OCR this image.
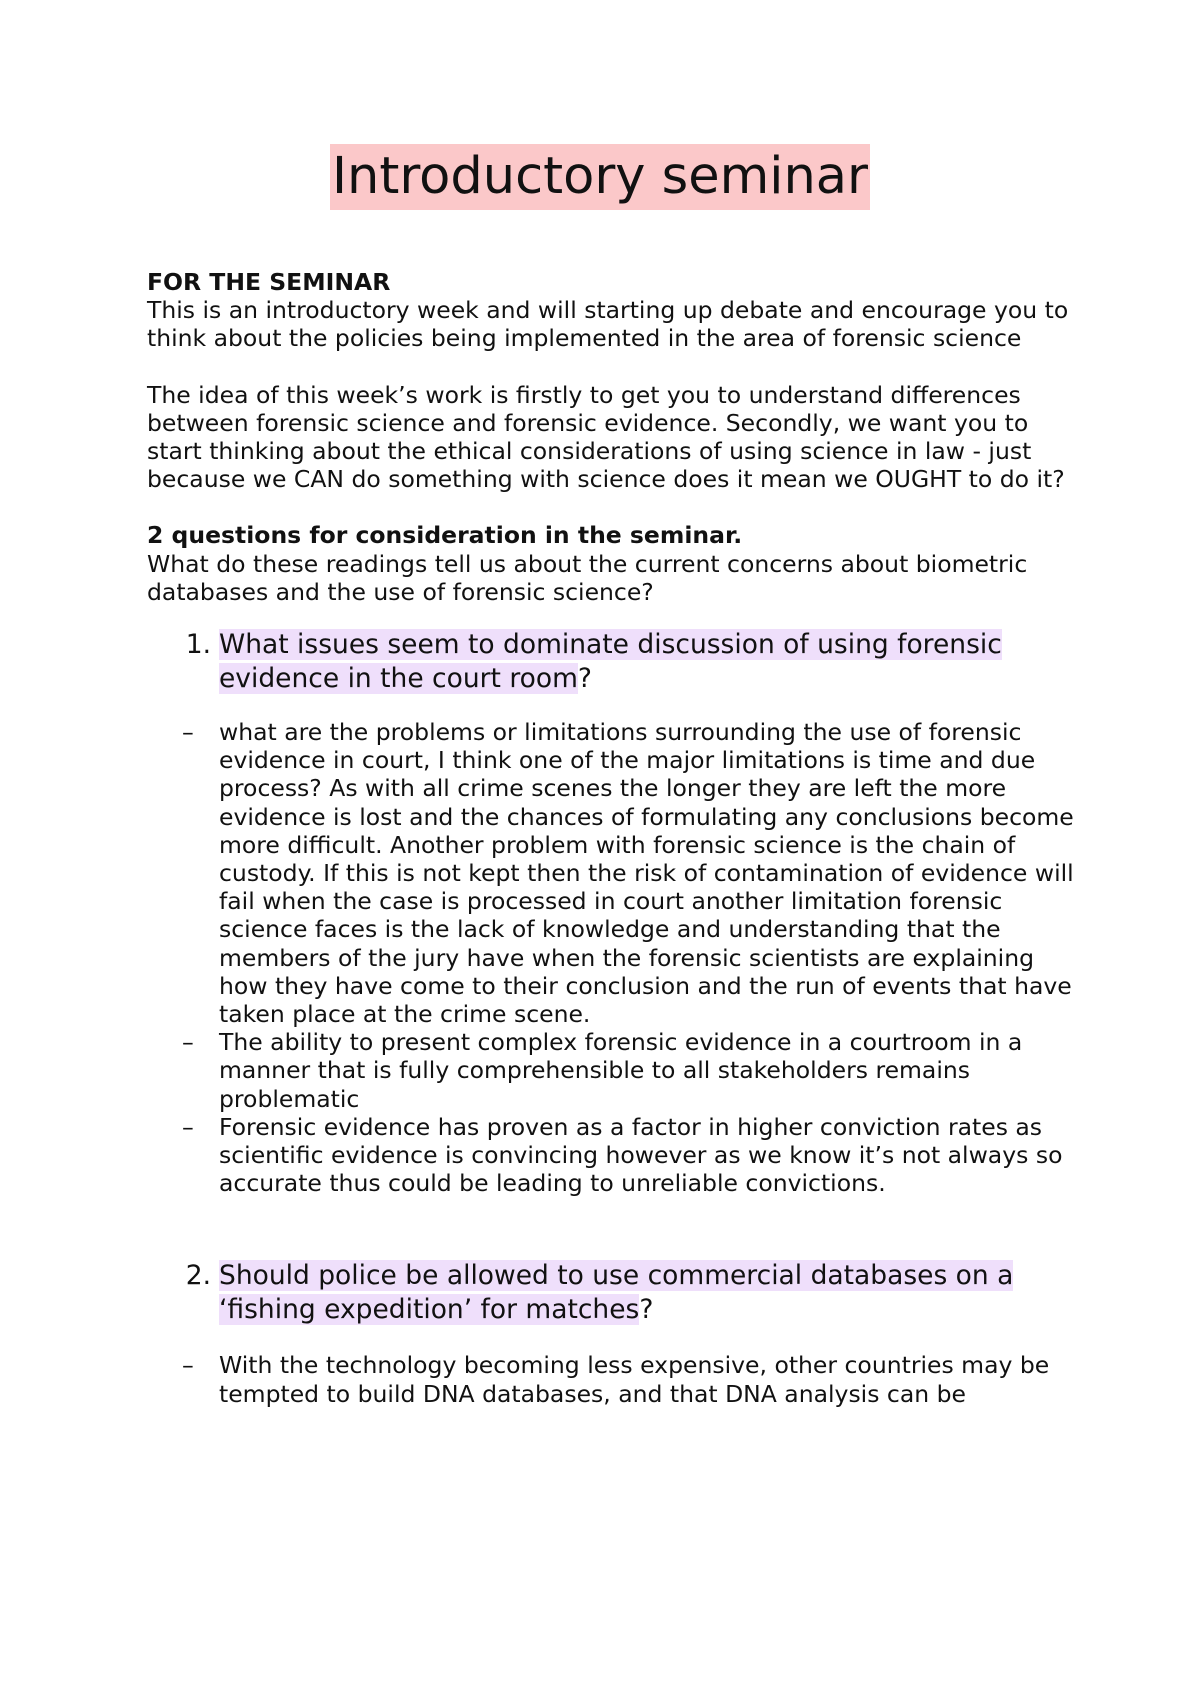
Introductory seminar

FOR THE SEMINAR

This is an introductory week and will starting up debate and encourage you to think about the policies being implemented in the area of forensic science

The idea of this week’s work is firstly to get you to understand differences between forensic science and forensic evidence. Secondly, we want you to start thinking about the ethical considerations of using science in law - just because we CAN do something with science does it mean we OUGHT to do it?

2 questions for consideration in the seminar.

What do these readings tell us about the current concerns about biometric databases and the use of forensic science?

1. What issues seem to dominate discussion of using forensic evidence in the court room?
–	what are the problems or limitations surrounding the use of forensic evidence in court, I think one of the major limitations is time and due process? As with all crime scenes the longer they are left the more evidence is lost and the chances of formulating any conclusions become more difficult. Another problem with forensic science is the chain of custody. If this is not kept then the risk of contamination of evidence will fail when the case is processed in court another limitation forensic science faces is the lack of knowledge and understanding that the members of the jury have when the forensic scientists are explaining how they have come to their conclusion and the run of events that have taken place at the crime scene.
–	The ability to present complex forensic evidence in a courtroom in a manner that is fully comprehensible to all stakeholders remains problematic
–	Forensic evidence has proven as a factor in higher conviction rates as scientific evidence is convincing however as we know it’s not always so accurate thus could be leading to unreliable convictions.
2. Should police be allowed to use commercial databases on a ‘fishing expedition’ for matches?
–	With the technology becoming less expensive, other countries may be tempted to build DNA databases, and that DNA analysis can be
